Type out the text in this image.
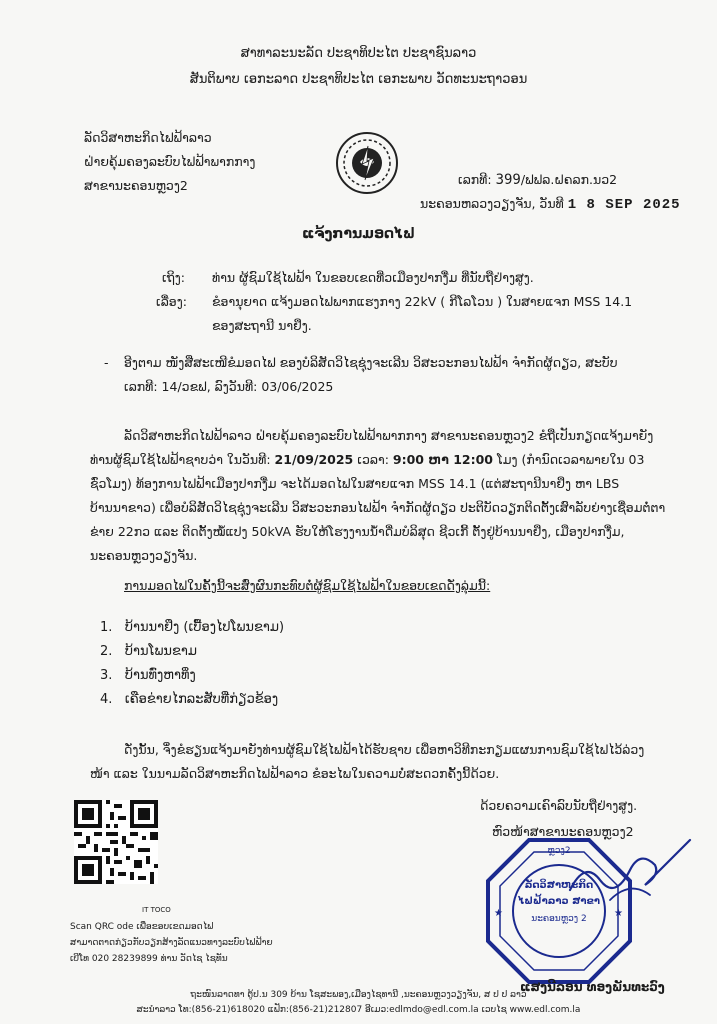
ສາທາລະນະລັດ ປະຊາທິປະໄຕ ປະຊາຊົນລາວ
ສັນຕິພາບ ເອກະລາດ ປະຊາທິປະໄຕ ເອກະພາບ ວັດທະນະຖາວອນ
ລັດວິສາຫະກິດໄຟຟ້າລາວ
ຝ່າຍຄຸ້ມຄອງລະບົບໄຟຟ້າພາກກາງ
ສາຂານະຄອນຫຼວງ2	ເລກທີ: 399/ຟຟລ.ຝຄລກ.ນວ2
ນະຄອນຫລວງວຽງຈັນ, ວັນທີ 1 8 SEP 2025
ແຈ້ງການມອດໄຟ
ເຖິງ: ທ່ານ ຜູ້ຊົມໃຊ້ໄຟຟ້າ ໃນຂອບເຂດທີ່ວເມືອງປາກງື່ມ ທີ່ນັບຖືຢ່າງສູງ.
ເລື່ອງ: ຂໍອານຸຍາດ ແຈ້ງມອດໄຟພາກແຮງກາງ 22kV ( ກີໂລໂວນ ) ໃນສາຍແຈກ MSS 14.1
ຂອງສະຖານີ ນາຢຶງ.
- ອີງຕາມ ໜັງສືສະເໜີຂໍມອດໄຟ ຂອງບໍລິສັດວິໄຊຊຸ່ງຈະເລີນ ວິສະວະກອນໄຟຟ້າ ຈໍາກັດຜູ້ດຽວ, ສະບັບ
ເລກທີ: 14/ວຂຟ, ລົງວັນທີ: 03/06/2025
ລັດວິສາຫະກິດໄຟຟ້າລາວ ຝ່າຍຄຸ້ມຄອງລະບົບໄຟຟ້າພາກກາງ ສາຂານະຄອນຫຼວງ2 ຂໍຖືເປັນກຽດແຈ້ງມາຍັງ
ທ່ານຜູ້ຊົມໃຊ້ໄຟຟ້າຊາບວ່າ ໃນວັນທີ: 21/09/2025 ເວລາ: 9:00 ຫາ 12:00 ໂມງ (ກໍານົດເວລາພາຍໃນ 03
ຊົ່ວໂມງ) ທ້ອງການໄຟຟ້າເມືອງປາກງື່ມ ຈະໄດ້ມອດໄຟໃນສາຍແຈກ MSS 14.1 (ແຕ່ສະຖານີນາຢຶງ ຫາ LBS
ບ້ານນາຂາວ) ເພື່ອບໍລິສັດວິໄຊຊຸ່ງຈະເລີນ ວິສະວະກອນໄຟຟ້າ ຈໍາກັດຜູ້ດຽວ ປະຕິບັດວຽກຕິດຕັ້ງເສົາລັບຍ່າງເຊື່ອມຕໍ່ຕາ
ຂ່າຍ 22ກວ ແລະ ຕິດຕັ້ງໝໍ້ແປງ 50kVA ຮັບໃຫ້ໂຮງງານນ້ຳດື່ມບໍລິສຸດ ຊີວເກີ້ ຕັ້ງຢູ່ບ້ານນາຢຶງ, ເມືອງປາກງື່ມ,
ນະຄອນຫຼວງວຽງຈັນ.
ການມອດໄຟໃນຄັ້ງນີ້ຈະສົ່ງຜົນກະທົບຕໍ່ຜູ້ຊົມໃຊ້ໄຟຟ້າໃນຂອບເຂດດັ່ງລຸ່ມນີ້:
1. ບ້ານນາຢຶງ (ເບື້ອງໄປໂພນຂາມ)
2. ບ້ານໂພນຂາມ
3. ບ້ານທົ່ງຫາທິ່ງ
4. ເຄືອຂ່າຍໄກລະສັບທີ່ກ່ຽວຂ້ອງ
ດັ່ງນັ້ນ, ຈຶ່ງຂໍຮຽນແຈ້ງມາຍັງທ່ານຜູ້ຊົມໃຊ້ໄຟຟ້າໄດ້ຮັບຊາບ ເພື່ອຫາວິທີກະກຽມແຜນການຊົມໃຊ້ໄຟໄວ້ລ່ວງ
ໜ້າ ແລະ ໃນນາມລັດວິສາຫະກິດໄຟຟ້າລາວ ຂໍອະໄພໃນຄວາມບໍ່ສະດວກຄັ້ງນີ້ດ້ວຍ.
IT TOCO
Scan QRC ode ເພື່ອຂອບເຂດມອດໄຟ
ສາມາດຕາດກ່ຽວກັບວຽກສ້າງລັດແນວທາງລະບົບໄຟຟ້າຍ
ເບີໂທ 020 28239899 ທ່ານ ວັດໄຊ ໄຊທັນ
ດ້ວຍຄວາມເຄົາລົບນັບຖືຢ່າງສູງ.
ຫົວໜ້າສາຂານະຄອນຫຼວງ2
★	★
ຫຼວງ2
ລັດວິສາຫະກິດ
ໄຟຟ້າລາວ ສາຂາ
ນະຄອນຫຼວງ 2
ແສງນີລອນ ທອງພັນທະວົງ
ຖະໜົນລາດທາ ຕູ້ປ.ນ 309 ບ້ານ ໂຊສະພອງ,ເມືອງໄຊທານີ ,ນະຄອນຫຼວງວຽງຈັນ, ສ ປ ປ ລາວ
ສະນຳລາວ ໂທ:(856-21)618020 ແຟັກ:(856-21)212807 ອີເມວ:edlmdo@edl.com.la ເວບໄຊ www.edl.com.la
